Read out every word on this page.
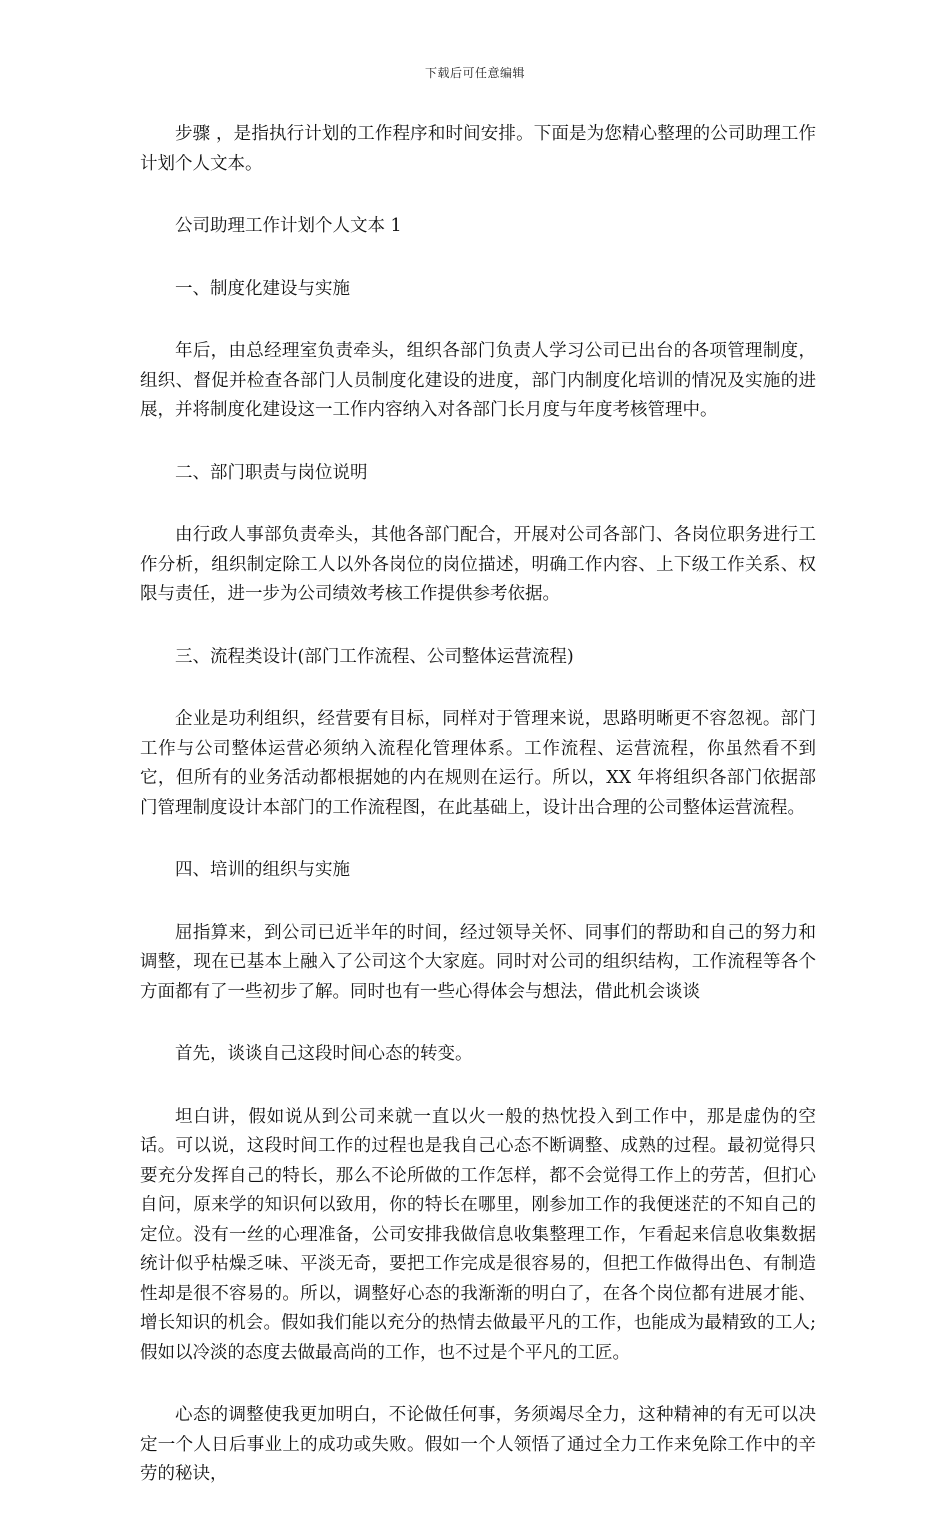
下载后可任意编辑

步骤 ，是指执行计划的工作程序和时间安排。下面是为您精心整理的公司助理工作计划个人文本。

公司助理工作计划个人文本 1

一、制度化建设与实施

年后，由总经理室负责牵头，组织各部门负责人学习公司已出台的各项管理制度，组织、督促并检查各部门人员制度化建设的进度，部门内制度化培训的情况及实施的进展，并将制度化建设这一工作内容纳入对各部门长月度与年度考核管理中。

二、部门职责与岗位说明

由行政人事部负责牵头，其他各部门配合，开展对公司各部门、各岗位职务进行工作分析，组织制定除工人以外各岗位的岗位描述，明确工作内容、上下级工作关系、权限与责任，进一步为公司绩效考核工作提供参考依据。

三、流程类设计(部门工作流程、公司整体运营流程)

企业是功利组织，经营要有目标，同样对于管理来说，思路明晰更不容忽视。部门工作与公司整体运营必须纳入流程化管理体系。工作流程、运营流程，你虽然看不到它，但所有的业务活动都根据她的内在规则在运行。所以，XX 年将组织各部门依据部门管理制度设计本部门的工作流程图，在此基础上，设计出合理的公司整体运营流程。

四、培训的组织与实施

屈指算来，到公司已近半年的时间，经过领导关怀、同事们的帮助和自己的努力和调整，现在已基本上融入了公司这个大家庭。同时对公司的组织结构，工作流程等各个方面都有了一些初步了解。同时也有一些心得体会与想法，借此机会谈谈

首先，谈谈自己这段时间心态的转变。

坦白讲，假如说从到公司来就一直以火一般的热忱投入到工作中，那是虚伪的空话。可以说，这段时间工作的过程也是我自己心态不断调整、成熟的过程。最初觉得只要充分发挥自己的特长，那么不论所做的工作怎样，都不会觉得工作上的劳苦，但扪心自问，原来学的知识何以致用，你的特长在哪里，刚参加工作的我便迷茫的不知自己的定位。没有一丝的心理准备，公司安排我做信息收集整理工作，乍看起来信息收集数据统计似乎枯燥乏味、平淡无奇，要把工作完成是很容易的，但把工作做得出色、有制造性却是很不容易的。所以，调整好心态的我渐渐的明白了，在各个岗位都有进展才能、增长知识的机会。假如我们能以充分的热情去做最平凡的工作，也能成为最精致的工人;假如以冷淡的态度去做最高尚的工作，也不过是个平凡的工匠。

心态的调整使我更加明白，不论做任何事，务须竭尽全力，这种精神的有无可以决定一个人日后事业上的成功或失败。假如一个人领悟了通过全力工作来免除工作中的辛劳的秘诀，
